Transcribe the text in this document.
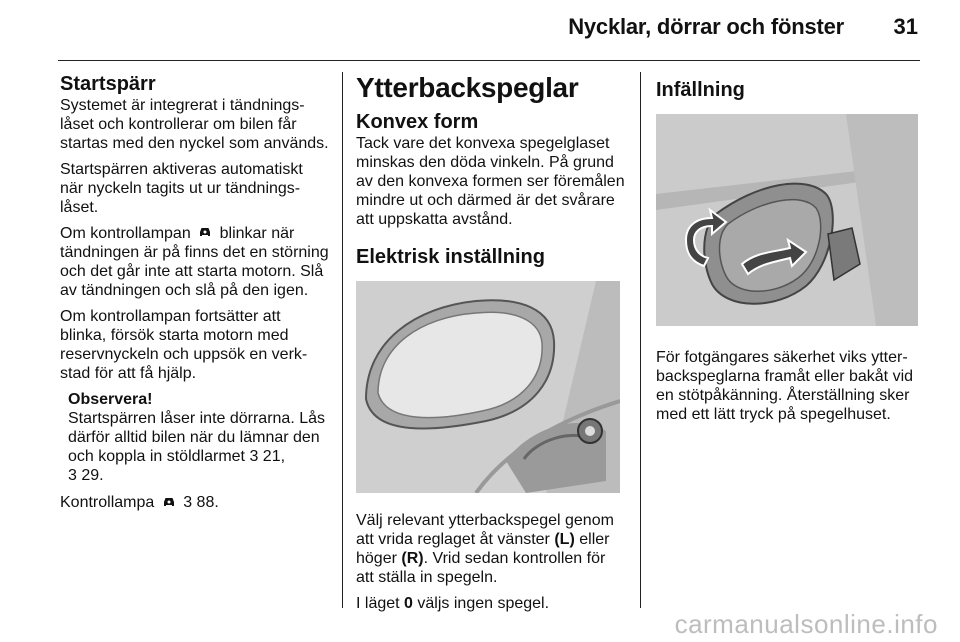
Nycklar, dörrar och fönster 31
Startspärr

Systemet är integrerat i tändnings-låset och kontrollerar om bilen får startas med den nyckel som används.

Startspärren aktiveras automatiskt när nyckeln tagits ut ur tändnings-låset.

Om kontrollampan blinkar när tändningen är på finns det en störning och det går inte att starta motorn. Slå av tändningen och slå på den igen.

Om kontrollampan fortsätter att blinka, försök starta motorn med reservnyckeln och uppsök en verk-stad för att få hjälp.

Observera!
Startspärren låser inte dörrarna. Lås därför alltid bilen när du lämnar den och koppla in stöldlarmet 3 21,
3 29.

Kontrollampa 3 88.

Ytterbackspeglar
Konvex form

Tack vare det konvexa spegelglaset minskas den döda vinkeln. På grund av den konvexa formen ser föremålen mindre ut och därmed är det svårare att uppskatta avstånd.

Elektrisk inställning

Välj relevant ytterbackspegel genom att vrida reglaget åt vänster (L) eller höger (R). Vrid sedan kontrollen för att ställa in spegeln.

I läget 0 väljs ingen spegel.

Infällning

För fotgängares säkerhet viks ytter-backspeglarna framåt eller bakåt vid en stötpåkänning. Återställning sker med ett lätt tryck på spegelhuset.

carmanualsonline.info
